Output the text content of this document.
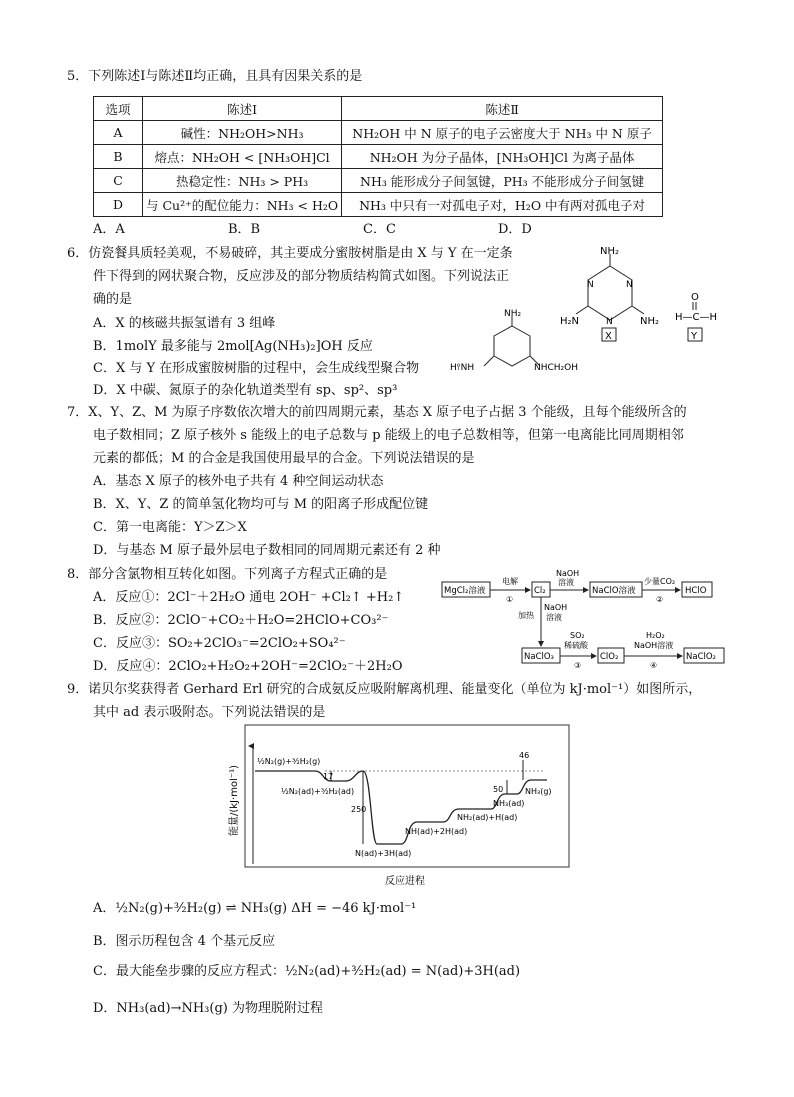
5．下列陈述Ⅰ与陈述Ⅱ均正确，且具有因果关系的是
选项	陈述Ⅰ	陈述Ⅱ
A	碱性：NH₂OH>NH₃	NH₂OH 中 N 原子的电子云密度大于 NH₃ 中 N 原子
B	熔点：NH₂OH < [NH₃OH]Cl	NH₂OH 为分子晶体，[NH₃OH]Cl 为离子晶体
C	热稳定性：NH₃ > PH₃	NH₃ 能形成分子间氢键，PH₃ 不能形成分子间氢键
D	与 Cu²⁺的配位能力：NH₃ < H₂O	NH₃ 中只有一对孤电子对，H₂O 中有两对孤电子对
A．A	B．B	C．C	D．D
6．仿瓷餐具质轻美观，不易破碎，其主要成分蜜胺树脂是由 X 与 Y 在一定条
件下得到的网状聚合物，反应涉及的部分物质结构简式如图。下列说法正
确的是
A．X 的核磁共振氢谱有 3 组峰
B．1molY 最多能与 2mol[Ag(NH₃)₂]OH 反应
C．X 与 Y 在形成蜜胺树脂的过程中，会生成线型聚合物
D．X 中碳、氮原子的杂化轨道类型有 sp、sp²、sp³
NH₂
NH₂
H₂N
N	N
N
X
O
H—C—H
Y
NH₂
H⫯NH	NHCH₂OH
7．X、Y、Z、M 为原子序数依次增大的前四周期元素，基态 X 原子电子占据 3 个能级，且每个能级所含的
电子数相同；Z 原子核外 s 能级上的电子总数与 p 能级上的电子总数相等，但第一电离能比同周期相邻
元素的都低；M 的合金是我国使用最早的合金。下列说法错误的是
A．基态 X 原子的核外电子共有 4 种空间运动状态
B．X、Y、Z 的简单氢化物均可与 M 的阳离子形成配位键
C．第一电离能：Y＞Z＞X
D．与基态 M 原子最外层电子数相同的同周期元素还有 2 种
8．部分含氯物相互转化如图。下列离子方程式正确的是
A．反应①：2Cl⁻＋2H₂O 通电 2OH⁻ +Cl₂↑ +H₂↑
B．反应②：2ClO⁻+CO₂＋H₂O=2HClO+CO₃²⁻
C．反应③：SO₂+2ClO₃⁻=2ClO₂+SO₄²⁻
D．反应④：2ClO₂+H₂O₂+2OH⁻=2ClO₂⁻＋2H₂O
MgCl₂溶液
电解
①
Cl₂
NaOH
溶液
NaClO溶液
少量CO₂
②
HClO
NaOH
溶液
加热
NaClO₃
SO₂
稀硫酸
③
ClO₂
H₂O₂
NaOH溶液
④
NaClO₂
9．诺贝尔奖获得者 Gerhard Erl 研究的合成氨反应吸附解离机理、能量变化（单位为 kJ·mol⁻¹）如图所示，
其中 ad 表示吸附态。下列说法错误的是
能量/(kJ·mol⁻¹)
½N₂(g)+³⁄₂H₂(g)
½N₂(ad)+³⁄₂H₂(ad)
N(ad)+3H(ad)
NH(ad)+2H(ad)
NH₂(ad)+H(ad)
NH₃(ad)
NH₃(g)
17
250
50
46
反应进程
A．½N₂(g)+³⁄₂H₂(g) ⇌ NH₃(g) ΔH = −46 kJ·mol⁻¹
B．图示历程包含 4 个基元反应
C．最大能垒步骤的反应方程式：½N₂(ad)+³⁄₂H₂(ad) = N(ad)+3H(ad)
D．NH₃(ad)→NH₃(g) 为物理脱附过程
